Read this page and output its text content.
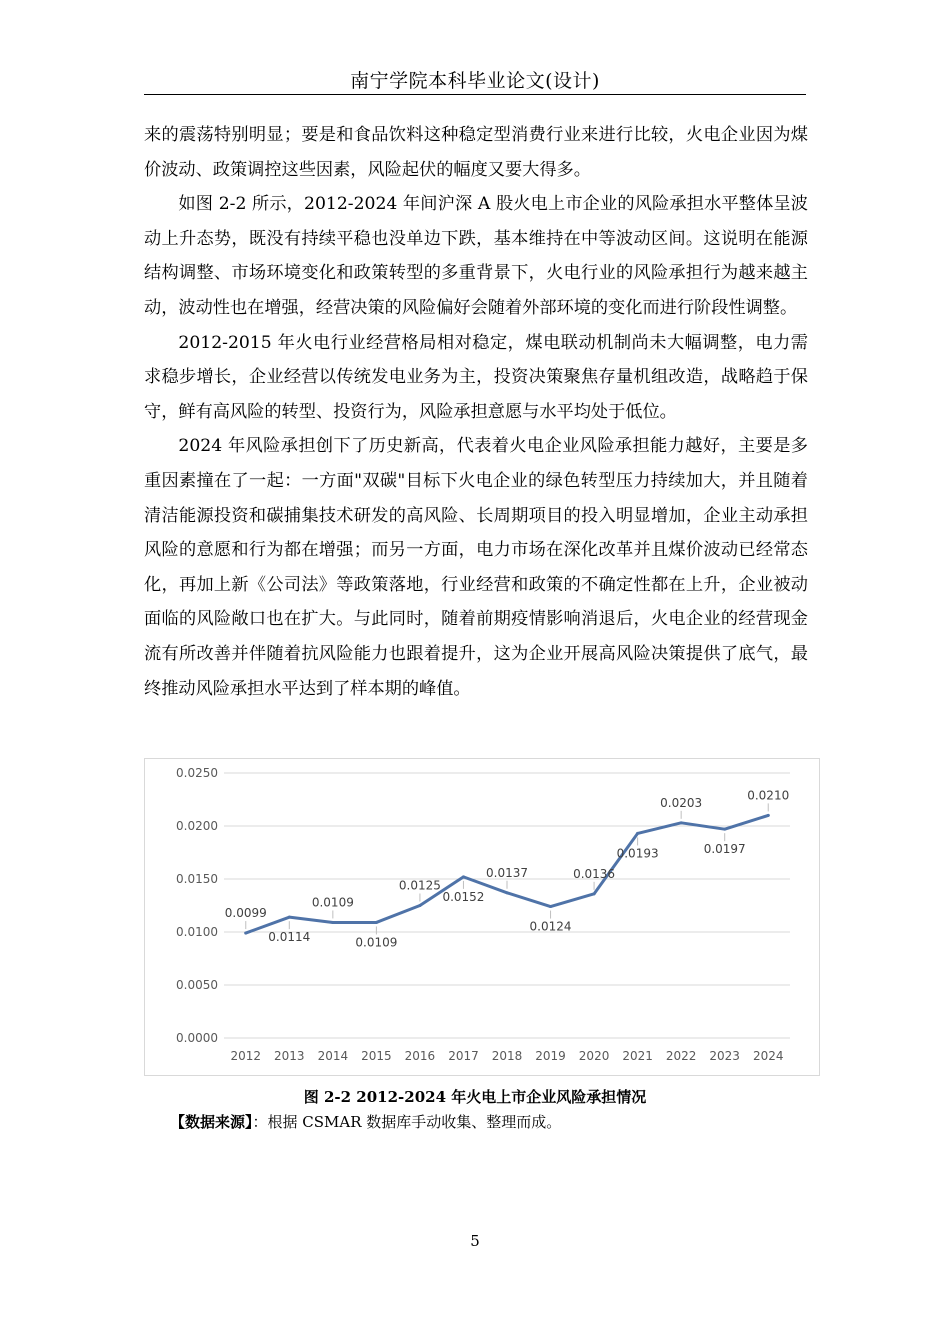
南宁学院本科毕业论文(设计)

来的震荡特别明显；要是和食品饮料这种稳定型消费行业来进行比较，火电企业因为煤价波动、政策调控这些因素，风险起伏的幅度又要大得多。

如图 2-2 所示，2012-2024 年间沪深 A 股火电上市企业的风险承担水平整体呈波动上升态势，既没有持续平稳也没单边下跌，基本维持在中等波动区间。这说明在能源结构调整、市场环境变化和政策转型的多重背景下，火电行业的风险承担行为越来越主动，波动性也在增强，经营决策的风险偏好会随着外部环境的变化而进行阶段性调整。

2012-2015 年火电行业经营格局相对稳定，煤电联动机制尚未大幅调整，电力需求稳步增长，企业经营以传统发电业务为主，投资决策聚焦存量机组改造，战略趋于保守，鲜有高风险的转型、投资行为，风险承担意愿与水平均处于低位。

2024 年风险承担创下了历史新高，代表着火电企业风险承担能力越好，主要是多重因素撞在了一起：一方面"双碳"目标下火电企业的绿色转型压力持续加大，并且随着清洁能源投资和碳捕集技术研发的高风险、长周期项目的投入明显增加，企业主动承担风险的意愿和行为都在增强；而另一方面，电力市场在深化改革并且煤价波动已经常态化，再加上新《公司法》等政策落地，行业经营和政策的不确定性都在上升，企业被动面临的风险敞口也在扩大。与此同时，随着前期疫情影响消退后，火电企业的经营现金流有所改善并伴随着抗风险能力也跟着提升，这为企业开展高风险决策提供了底气，最终推动风险承担水平达到了样本期的峰值。

0.0250
0.0200
0.0150
0.0100
0.0050
0.0000
2012 2013 2014 2015 2016 2017 2018 2019 2020 2021 2022 2023 2024
0.0099
0.0114
0.0109
0.0109
0.0125
0.0152
0.0137
0.0124
0.0136
0.0193
0.0203
0.0197
0.0210
图 2-2 2012-2024 年火电上市企业风险承担情况
【数据来源】：根据 CSMAR 数据库手动收集、整理而成。
5
